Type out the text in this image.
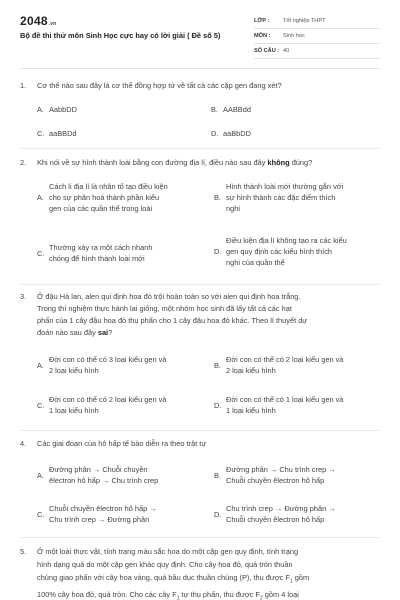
2048.vn
Bộ đề thi thử môn Sinh Học cực hay có lời giải ( Đề số 5)
LỚP : Tốt nghiệp THPT
MÔN : Sinh học
SỐ CÂU : 40
1.	Cơ thể nào sau đây là cơ thể đồng hợp tử về tất cả các cặp gen đang xét?
A. AabbDD	B. AABBdd
C. aaBBDd	D. aaBbDD
2.	Khi nói về sự hình thành loài bằng con đường địa lí, điều nào sau đây không đúng?
A.
Cách li địa lí là nhân tố tạo điều kiện
cho sự phân hoá thành phần kiểu
gen của các quần thể trong loài
B.
Hình thành loài mới thường gắn với
sự hình thành các đặc điểm thích
nghi
C.
Thường xảy ra một cách nhanh
chóng để hình thành loài mới
D.
Điều kiện địa lí không tạo ra các kiểu
gen quy định các kiểu hình thích
nghi của quần thể
3.	Ở đậu Hà lan, alen qui định hoa đỏ trội hoàn toàn so với alen qui định hoa trắng.
Trong thí nghiệm thực hành lai giống, một nhóm học sinh đã lấy tất cả các hạt
phấn của 1 cây đậu hoa đỏ thụ phấn cho 1 cây đậu hoa đỏ khác. Theo lí thuyết dự
đoán nào sau đây sai?
A.
Đời con có thể có 3 loại kiểu gen và
2 loại kiểu hình
B.
Đời con có thể có 2 loại kiểu gen và
2 loại kiểu hình
C.
Đời con có thể có 2 loại kiểu gen và
1 loại kiểu hình
D.
Đời con có thể có 1 loại kiểu gen và
1 loại kiểu hình
4.	Các giai đoạn của hô hấp tế bào diễn ra theo trật tự
A.
Đường phân → Chuỗi chuyền
êlectron hô hấp → Chu trình crep
B.
Đường phân → Chu trình crep →
Chuỗi chuyền êlectron hô hấp
C.
Chuỗi chuyền êlectron hô hấp →
Chu trình crep → Đường phân
D.
Chu trình crep → Đường phân →
Chuỗi chuyền êlectron hô hấp
5.	Ở một loài thực vật, tính trạng màu sắc hoa do một cặp gen quy định, tính trạng
hình dạng quả do một cặp gen khác quy định. Cho cây hoa đỏ, quả tròn thuần
chủng giao phấn với cây hoa vàng, quả bầu dục thuần chủng (P), thu được $F_1$ gồm
100% cây hoa đỏ, quả tròn. Cho các cây $F_1$ tự thụ phấn, thu được $F_2$ gồm 4 loại
